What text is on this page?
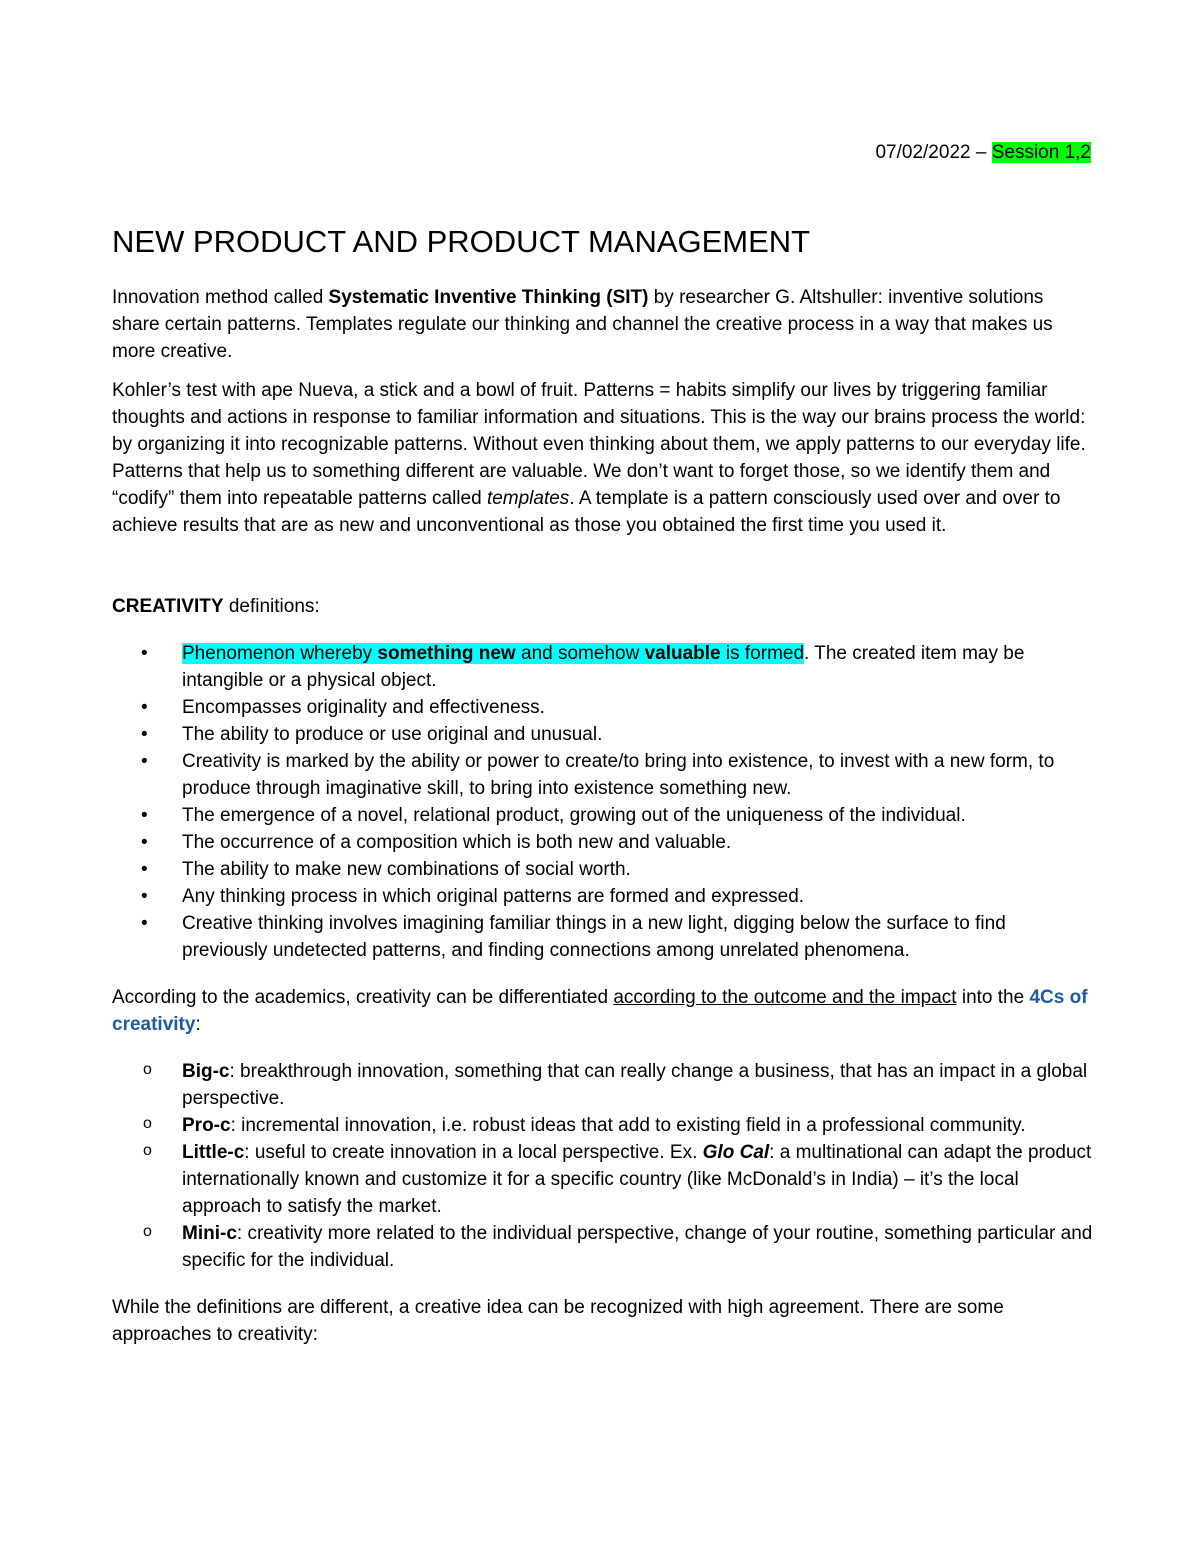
07/02/2022 – Session 1,2
NEW PRODUCT AND PRODUCT MANAGEMENT

Innovation method called Systematic Inventive Thinking (SIT) by researcher G. Altshuller: inventive solutions share certain patterns. Templates regulate our thinking and channel the creative process in a way that makes us more creative.

Kohler’s test with ape Nueva, a stick and a bowl of fruit. Patterns = habits simplify our lives by triggering familiar thoughts and actions in response to familiar information and situations. This is the way our brains process the world: by organizing it into recognizable patterns. Without even thinking about them, we apply patterns to our everyday life. Patterns that help us to something different are valuable. We don’t want to forget those, so we identify them and “codify” them into repeatable patterns called templates. A template is a pattern consciously used over and over to achieve results that are as new and unconventional as those you obtained the first time you used it.

CREATIVITY definitions:

• Phenomenon whereby something new and somehow valuable is formed. The created item may be intangible or a physical object.
• Encompasses originality and effectiveness.
• The ability to produce or use original and unusual.
• Creativity is marked by the ability or power to create/to bring into existence, to invest with a new form, to produce through imaginative skill, to bring into existence something new.
• The emergence of a novel, relational product, growing out of the uniqueness of the individual.
• The occurrence of a composition which is both new and valuable.
• The ability to make new combinations of social worth.
• Any thinking process in which original patterns are formed and expressed.
• Creative thinking involves imagining familiar things in a new light, digging below the surface to find previously undetected patterns, and finding connections among unrelated phenomena.

According to the academics, creativity can be differentiated according to the outcome and the impact into the 4Cs of creativity:

o Big-c: breakthrough innovation, something that can really change a business, that has an impact in a global perspective.
o Pro-c: incremental innovation, i.e. robust ideas that add to existing field in a professional community.
o Little-c: useful to create innovation in a local perspective. Ex. Glo Cal: a multinational can adapt the product internationally known and customize it for a specific country (like McDonald’s in India) – it’s the local approach to satisfy the market.
o Mini-c: creativity more related to the individual perspective, change of your routine, something particular and specific for the individual.

While the definitions are different, a creative idea can be recognized with high agreement. There are some approaches to creativity:
